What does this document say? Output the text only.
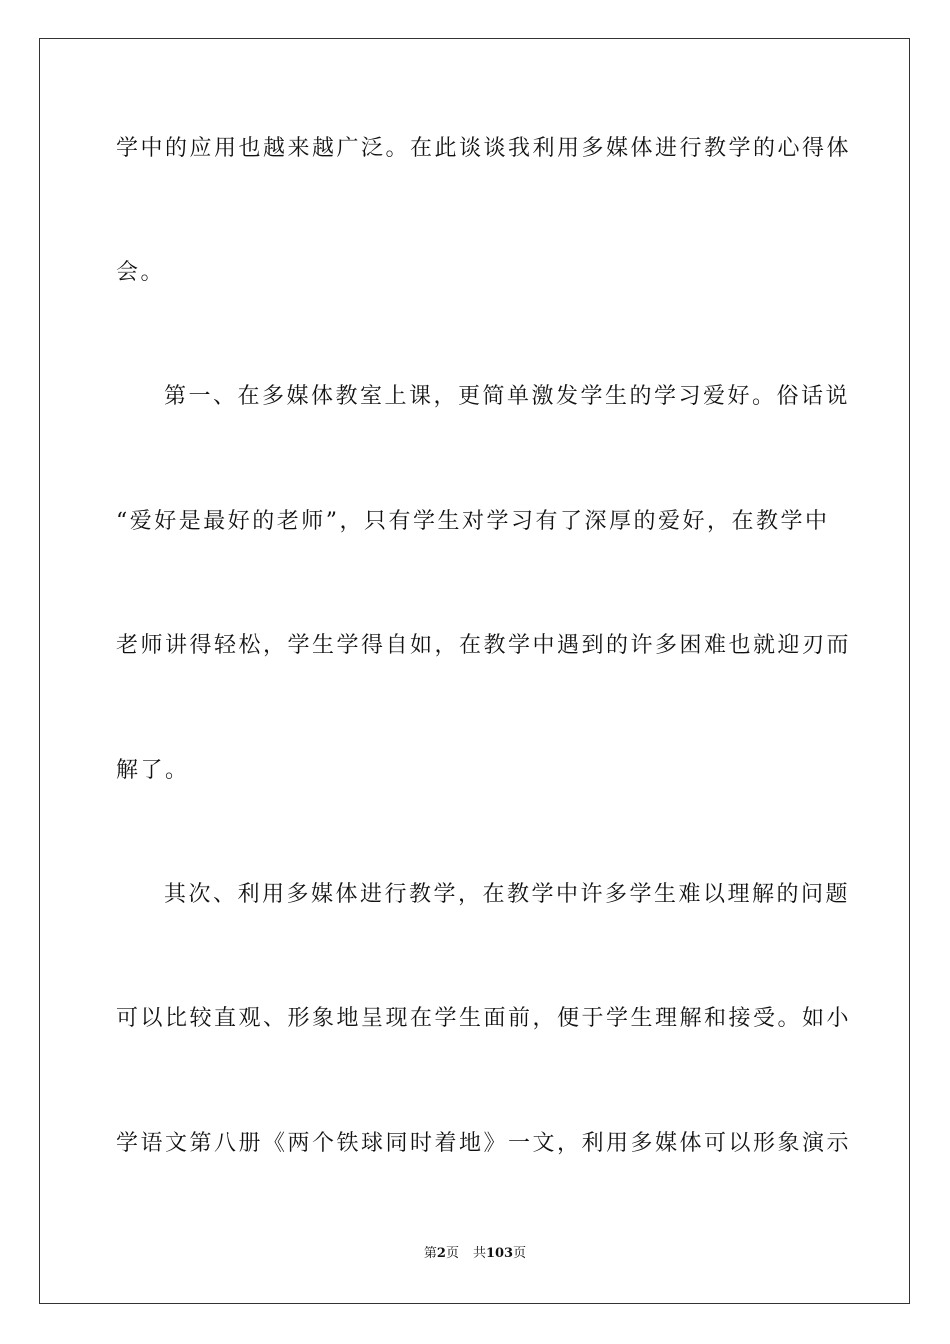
学中的应用也越来越广泛。在此谈谈我利用多媒体进行教学的心得体
会。
第一、在多媒体教室上课，更简单激发学生的学习爱好。俗话说
“爱好是最好的老师”，只有学生对学习有了深厚的爱好，在教学中
老师讲得轻松，学生学得自如，在教学中遇到的许多困难也就迎刃而
解了。
其次、利用多媒体进行教学，在教学中许多学生难以理解的问题
可以比较直观、形象地呈现在学生面前，便于学生理解和接受。如小
学语文第八册《两个铁球同时着地》一文，利用多媒体可以形象演示
第2页 共103页
